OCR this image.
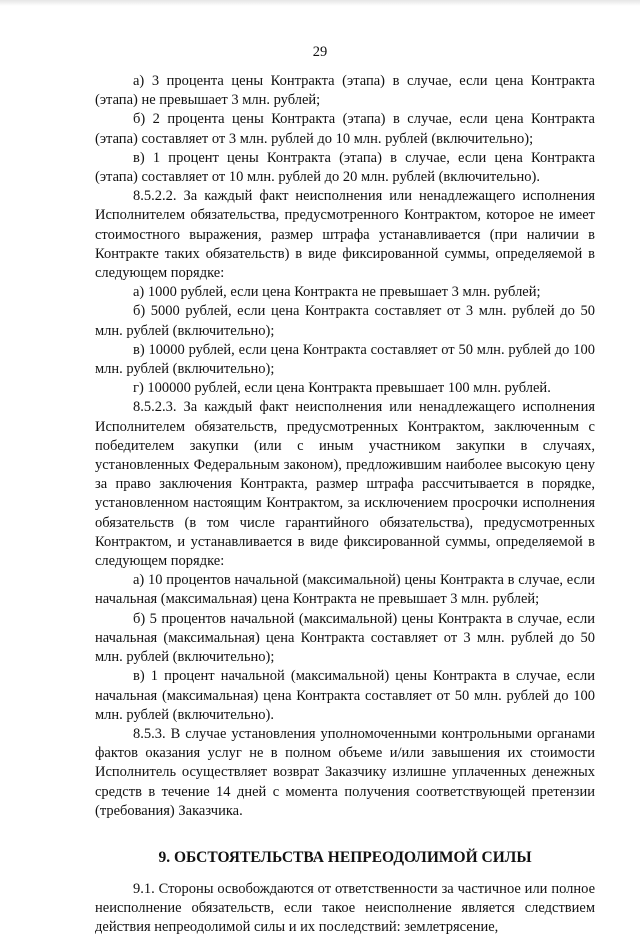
29

а) 3 процента цены Контракта (этапа) в случае, если цена Контракта (этапа) не превышает 3 млн. рублей;

б) 2 процента цены Контракта (этапа) в случае, если цена Контракта (этапа) составляет от 3 млн. рублей до 10 млн. рублей (включительно);

в) 1 процент цены Контракта (этапа) в случае, если цена Контракта (этапа) составляет от 10 млн. рублей до 20 млн. рублей (включительно).

8.5.2.2. За каждый факт неисполнения или ненадлежащего исполнения Исполнителем обязательства, предусмотренного Контрактом, которое не имеет стоимостного выражения, размер штрафа устанавливается (при наличии в Контракте таких обязательств) в виде фиксированной суммы, определяемой в следующем порядке:

а) 1000 рублей, если цена Контракта не превышает 3 млн. рублей;

б) 5000 рублей, если цена Контракта составляет от 3 млн. рублей до 50 млн. рублей (включительно);

в) 10000 рублей, если цена Контракта составляет от 50 млн. рублей до 100 млн. рублей (включительно);

г) 100000 рублей, если цена Контракта превышает 100 млн. рублей.

8.5.2.3. За каждый факт неисполнения или ненадлежащего исполнения Исполнителем обязательств, предусмотренных Контрактом, заключенным с победителем закупки (или с иным участником закупки в случаях, установленных Федеральным законом), предложившим наиболее высокую цену за право заключения Контракта, размер штрафа рассчитывается в порядке, установленном настоящим Контрактом, за исключением просрочки исполнения обязательств (в том числе гарантийного обязательства), предусмотренных Контрактом, и устанавливается в виде фиксированной суммы, определяемой в следующем порядке:

а) 10 процентов начальной (максимальной) цены Контракта в случае, если начальная (максимальная) цена Контракта не превышает 3 млн. рублей;

б) 5 процентов начальной (максимальной) цены Контракта в случае, если начальная (максимальная) цена Контракта составляет от 3 млн. рублей до 50 млн. рублей (включительно);

в) 1 процент начальной (максимальной) цены Контракта в случае, если начальная (максимальная) цена Контракта составляет от 50 млн. рублей до 100 млн. рублей (включительно).

8.5.3. В случае установления уполномоченными контрольными органами фактов оказания услуг не в полном объеме и/или завышения их стоимости Исполнитель осуществляет возврат Заказчику излишне уплаченных денежных средств в течение 14 дней с момента получения соответствующей претензии (требования) Заказчика.

9. ОБСТОЯТЕЛЬСТВА НЕПРЕОДОЛИМОЙ СИЛЫ

9.1. Стороны освобождаются от ответственности за частичное или полное неисполнение обязательств, если такое неисполнение является следствием действия непреодолимой силы и их последствий: землетрясение,
